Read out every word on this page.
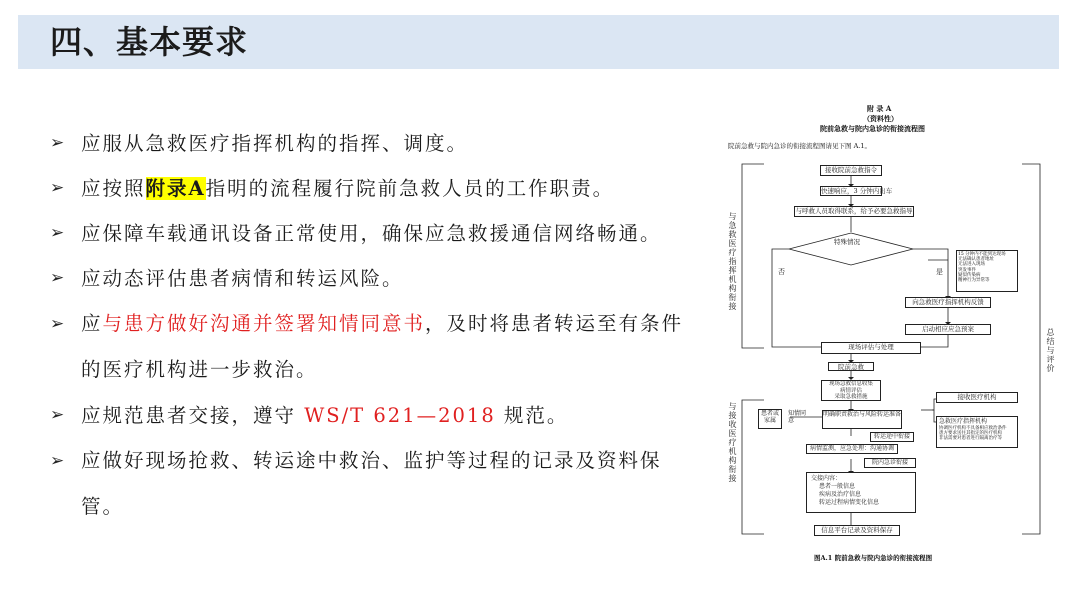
四、基本要求
➢ 应服从急救医疗指挥机构的指挥、调度。
➢ 应按照附录A指明的流程履行院前急救人员的工作职责。
➢ 应保障车载通讯设备正常使用，确保应急救援通信网络畅通。
➢ 应动态评估患者病情和转运风险。
➢ 应与患方做好沟通并签署知情同意书，及时将患者转运至有条件的医疗机构进一步救治。
➢ 应规范患者交接，遵守 WS/T 621—2018 规范。
➢ 应做好现场抢救、转运途中救治、监护等过程的记录及资料保管。
附 录 A
（资料性）
院前急救与院内急诊的衔接流程图
院前急救与院内急诊的衔接流程图请见下图 A.1。
与急救医疗指挥机构衔接
与接收医疗机构衔接
总结与评价
接收院前急救指令
快速响应，3 分钟内出车
与呼救人员取得联系，给予必要急救指导
特殊情况
否	是
15 分钟内不能到达现场
无法确认患者地址
无法进入现场
突发事件
疑似传染病
精神行为异常等
向急救医疗指挥机构反馈
启动相应应急预案
现场评估与处理
院前急救
现场急救信息收集
病情评估
采取急救措施
患者或家属
知情同意
明确职责救治与风险转运准备
转运途中衔接
病情监测，应急处理：沟通协调
院内急诊衔接
交接内容：
患者一般信息
疾病及治疗信息
转运过程病情变化信息
信息平台记录及资料保存
接收医疗机构
急救医疗指挥机构
协调医疗机构不具备相应救治条件
患方要求送往其指定的医疗机构
非法需要对患者进行隔离治疗等
图A.1 院前急救与院内急诊的衔接流程图
